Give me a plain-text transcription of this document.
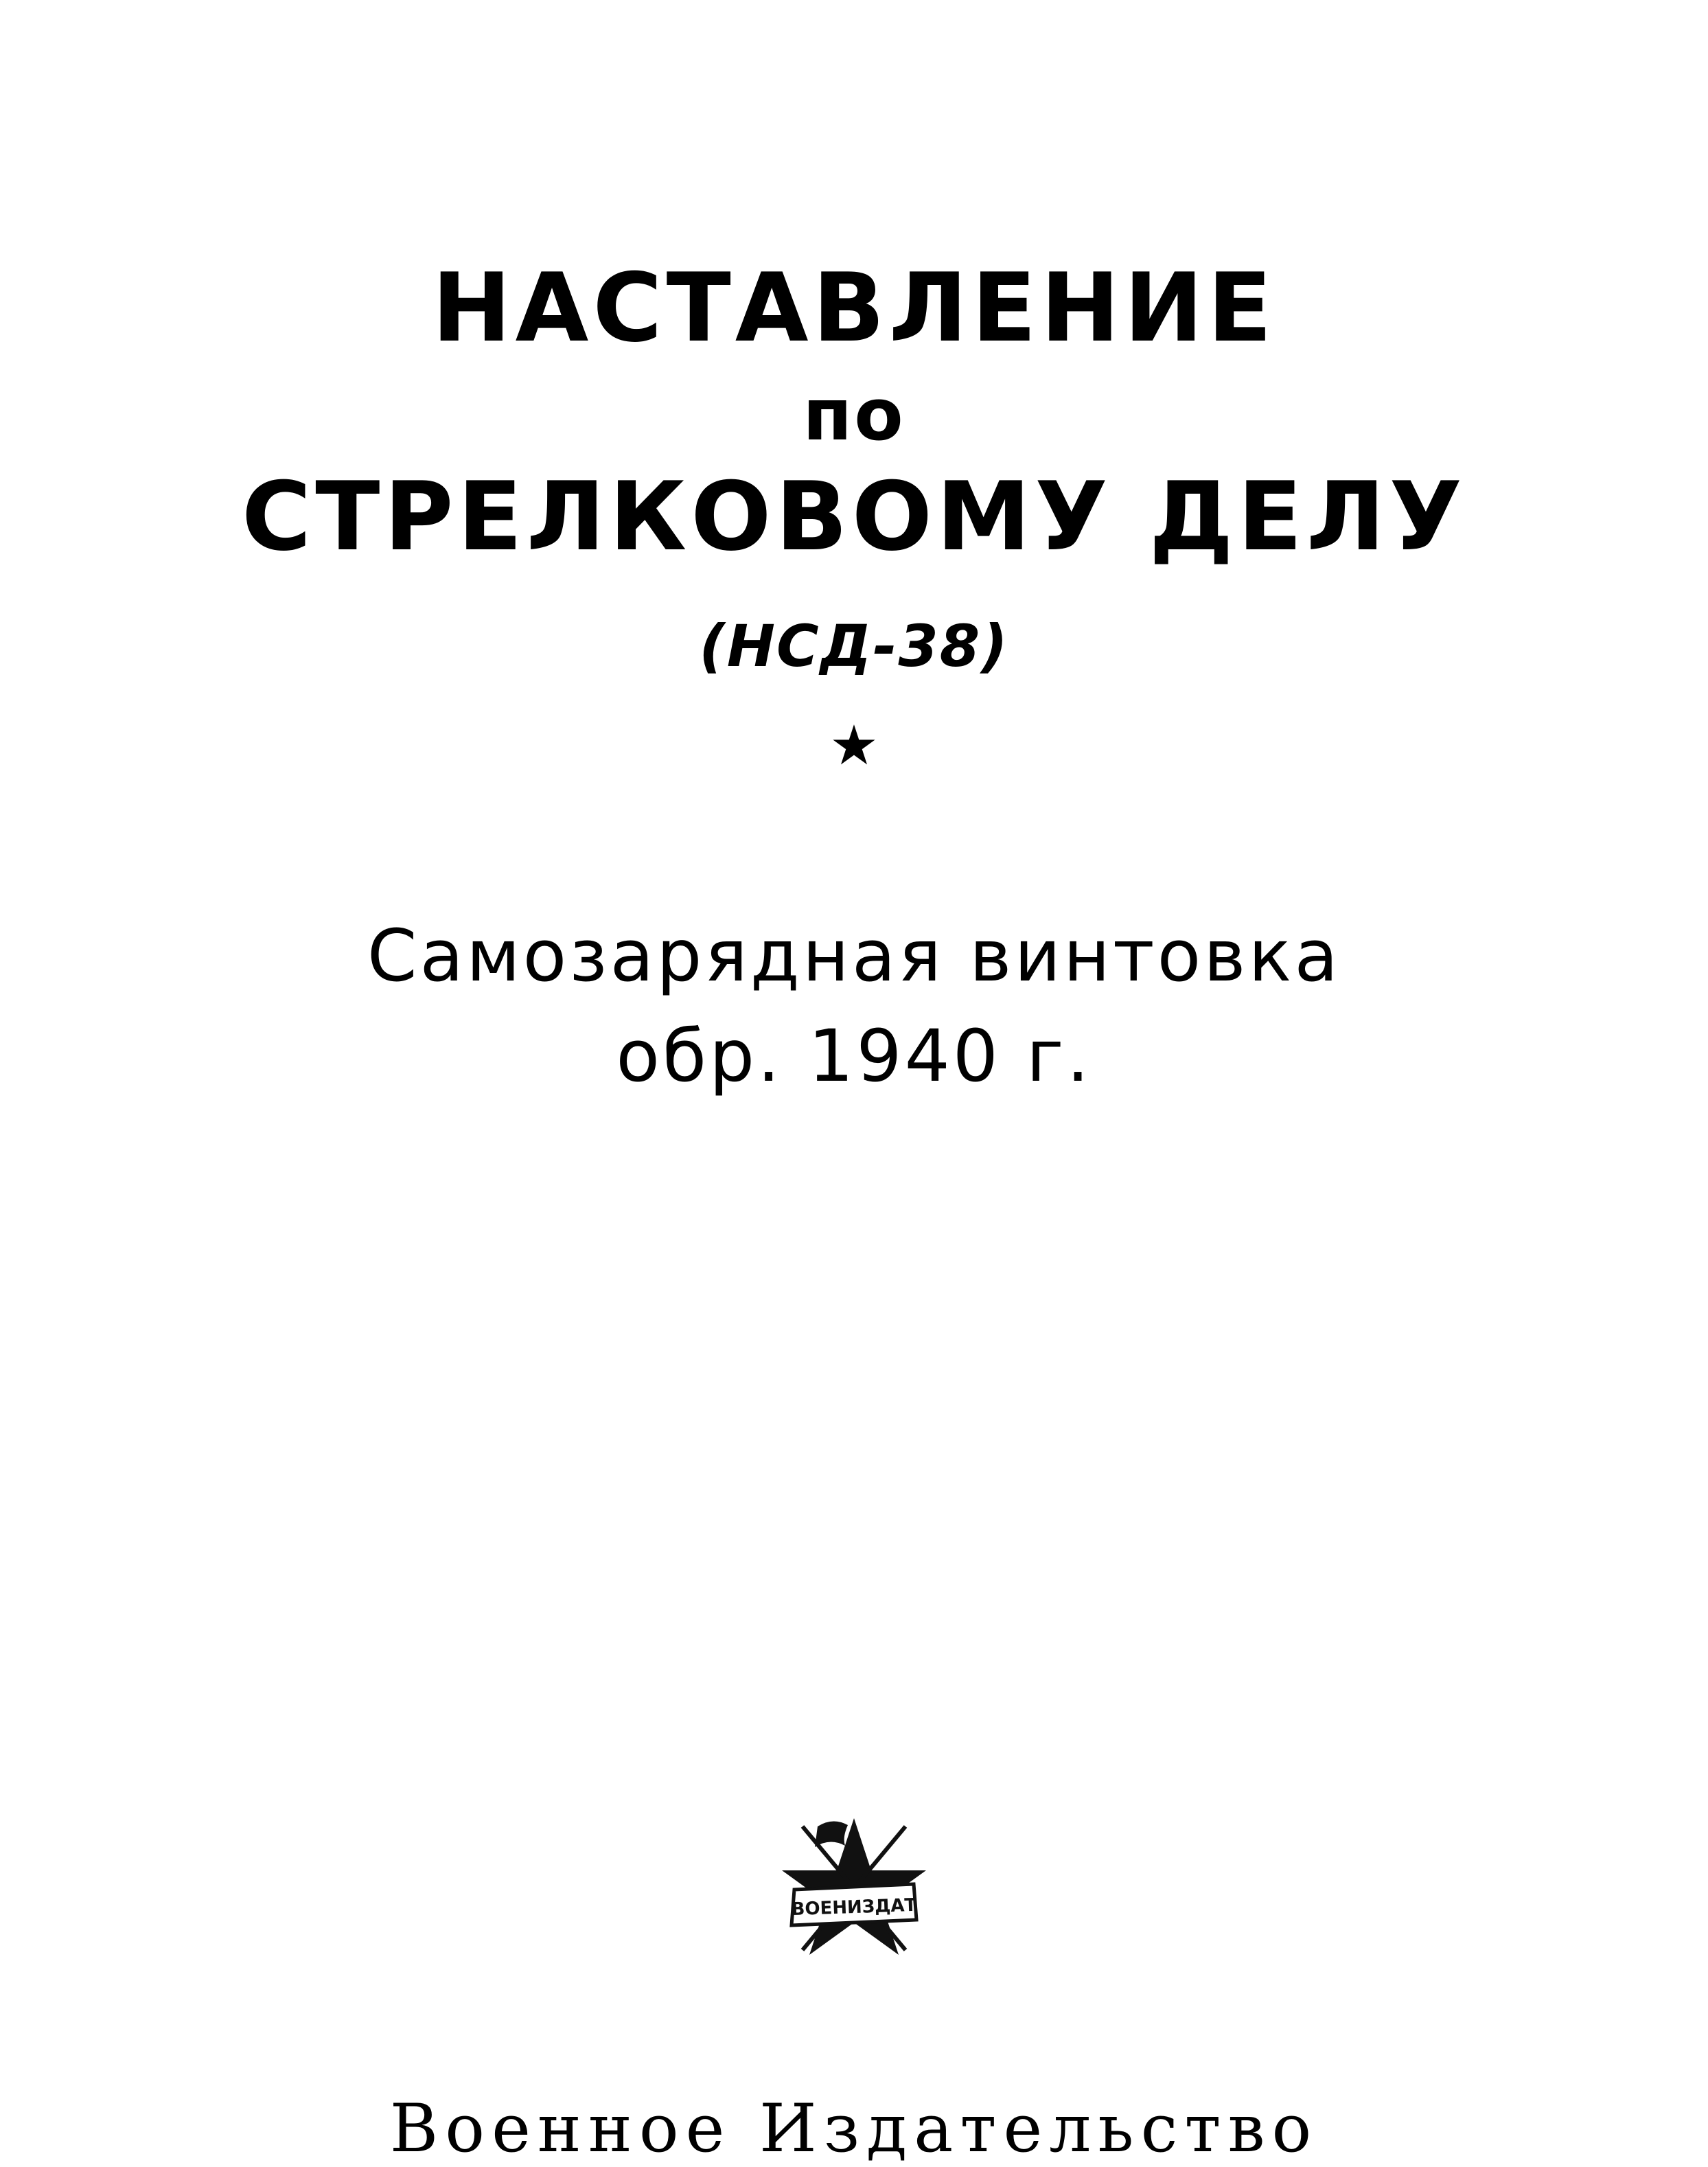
НАСТАВЛЕНИЕ
по
СТРЕЛКОВОМУ ДЕЛУ
(НСД-38)
★
Самозарядная винтовка
обр. 1940 г.
ВОЕНИЗДАТ
Военное Издательство
